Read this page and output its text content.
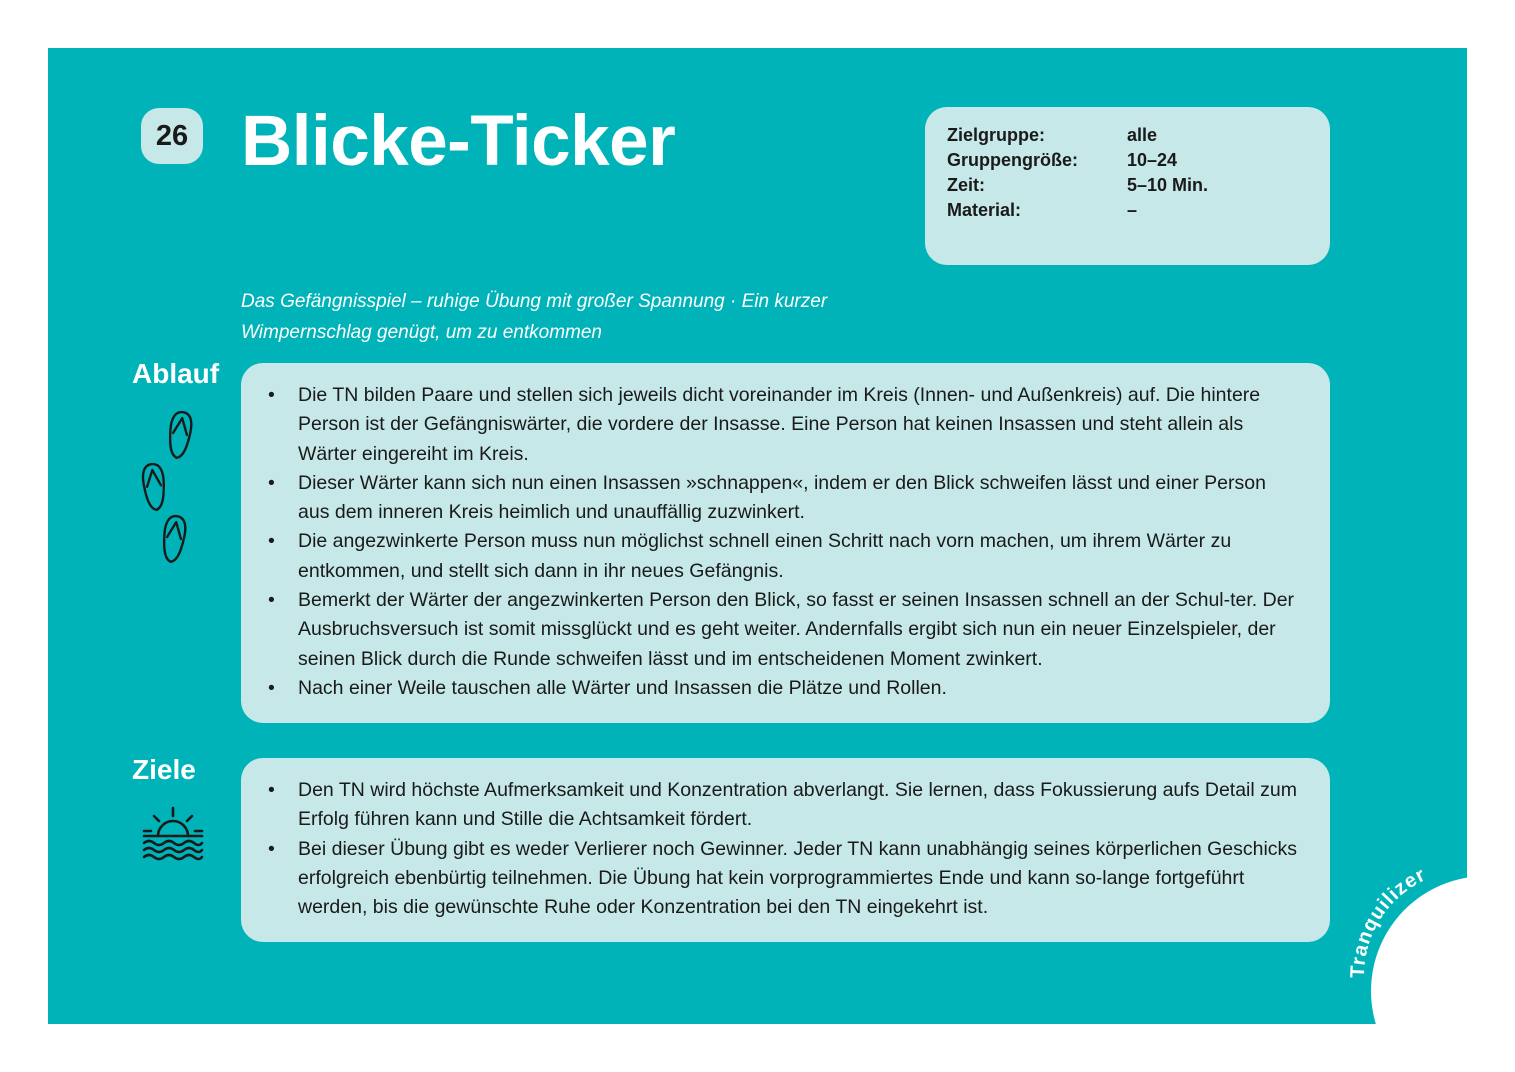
26 Blicke-Ticker	Zielgruppe:	alle
Gruppengröße:	10–24
Zeit:	5–10 Min.
Material:	–
Das Gefängnisspiel – ruhige Übung mit großer Spannung · Ein kurzer
Wimpernschlag genügt, um zu entkommen
Ablauf
•	Die TN bilden Paare und stellen sich jeweils dicht voreinander im Kreis (Innen- und Außenkreis) auf. Die hintere Person ist der Gefängniswärter, die vordere der Insasse. Eine Person hat keinen Insassen und steht allein als Wärter eingereiht im Kreis.
•	Dieser Wärter kann sich nun einen Insassen »schnappen«, indem er den Blick schweifen lässt und einer Person aus dem inneren Kreis heimlich und unauffällig zuzwinkert.
•	Die angezwinkerte Person muss nun möglichst schnell einen Schritt nach vorn machen, um ihrem Wärter zu entkommen, und stellt sich dann in ihr neues Gefängnis.
•	Bemerkt der Wärter der angezwinkerten Person den Blick, so fasst er seinen Insassen schnell an der Schul-ter. Der Ausbruchsversuch ist somit missglückt und es geht weiter. Andernfalls ergibt sich nun ein neuer Einzelspieler, der seinen Blick durch die Runde schweifen lässt und im entscheidenen Moment zwinkert.
•	Nach einer Weile tauschen alle Wärter und Insassen die Plätze und Rollen.
Ziele
•	Den TN wird höchste Aufmerksamkeit und Konzentration abverlangt. Sie lernen, dass Fokussierung aufs Detail zum Erfolg führen kann und Stille die Achtsamkeit fördert.
•	Bei dieser Übung gibt es weder Verlierer noch Gewinner. Jeder TN kann unabhängig seines körperlichen Geschicks erfolgreich ebenbürtig teilnehmen. Die Übung hat kein vorprogrammiertes Ende und kann so-lange fortgeführt werden, bis die gewünschte Ruhe oder Konzentration bei den TN eingekehrt ist.
Tranquilizer
